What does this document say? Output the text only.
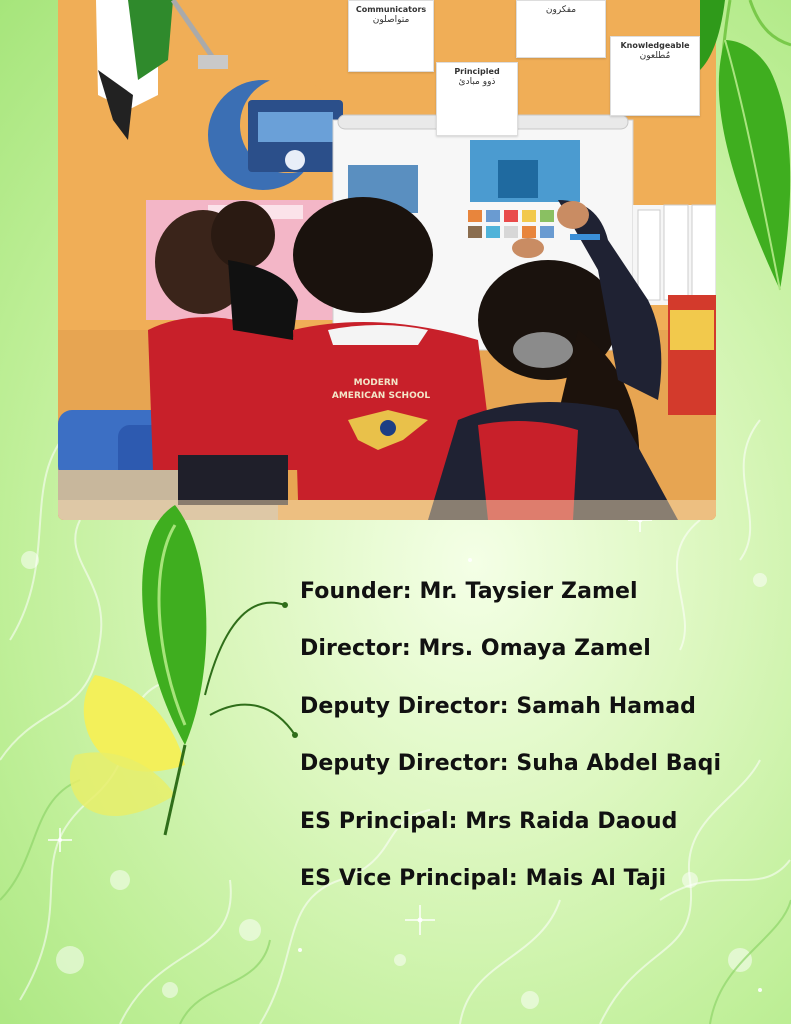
MODERN
AMERICAN SCHOOL
Communicators
متواصلون
مفكرون
Knowledgeable
مُطلعون
Principled
ذوو مبادئ
Founder: Mr. Taysier Zamel
Director: Mrs. Omaya Zamel
Deputy Director: Samah Hamad
Deputy Director: Suha Abdel Baqi
ES Principal: Mrs Raida Daoud
ES Vice Principal: Mais Al Taji
